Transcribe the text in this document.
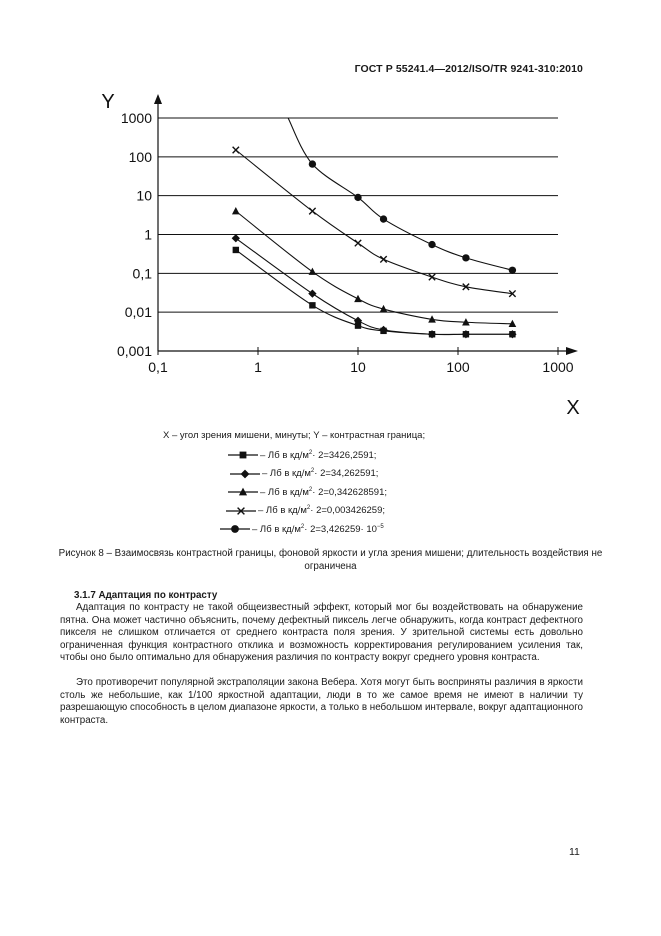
ГОСТ Р 55241.4—2012/ISO/TR 9241-310:2010
0,1	1	10	100	1000
0,001
0,01
0,1
1
10
100
1000
Y
X
X – угол зрения мишени, минуты; Y – контрастная граница;
– Лб в $кд/м^2\cdot 2=3426,2591$;
– Лб в $кд/м^2\cdot 2=34,262591$;
– Лб в $кд/м^2\cdot 2=0,342628591$;
– Лб в $кд/м^2\cdot 2=0,003426259$;
– Лб в $кд/м^2\cdot 2=3,426259\cdot 10^{-5}$
Рисунок 8 – Взаимосвязь контрастной границы, фоновой яркости и угла зрения мишени; длительность воздействия не ограничена
3.1.7 Адаптация по контрасту
Адаптация по контрасту не такой общеизвестный эффект, который мог бы воздействовать на обнаружение пятна. Она может частично объяснить, почему дефектный пиксель легче обнаружить, когда контраст дефектного пикселя не слишком отличается от среднего контраста поля зрения. У зрительной системы есть довольно ограниченная функция контрастного отклика и возможность корректирования регулированием усиления так, чтобы оно было оптимально для обнаружения различия по контрасту вокруг среднего уровня контраста.
Это противоречит популярной экстраполяции закона Вебера. Хотя могут быть восприняты различия в яркости столь же небольшие, как 1/100 яркостной адаптации, люди в то же самое время не имеют в наличии ту разрешающую способность в целом диапазоне яркости, а только в небольшом интервале, вокруг адаптационного контраста.
11
